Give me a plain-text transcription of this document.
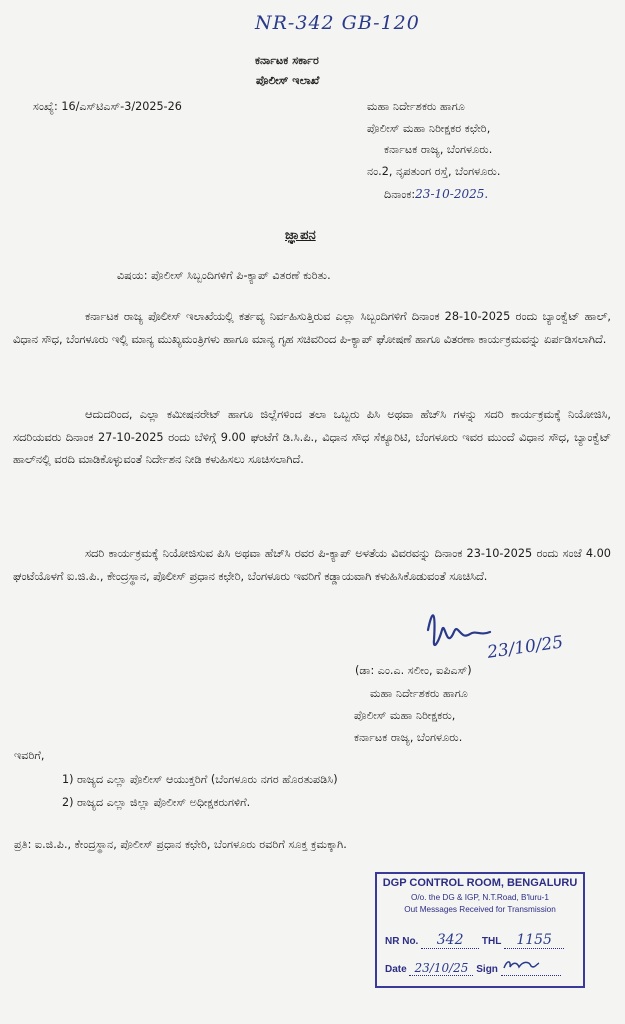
NR-342 GB-120
ಕರ್ನಾಟಕ ಸರ್ಕಾರ
ಪೊಲೀಸ್ ಇಲಾಖೆ
ಸಂಖ್ಯೆ: 16/ಎಸ್‌ಟಿಎಸ್-3/2025-26	ಮಹಾ ನಿರ್ದೇಶಕರು ಹಾಗೂ
ಪೊಲೀಸ್ ಮಹಾ ನಿರೀಕ್ಷಕರ ಕಛೇರಿ,
ಕರ್ನಾಟಕ ರಾಜ್ಯ, ಬೆಂಗಳೂರು.
ನಂ.2, ನೃಪತುಂಗ ರಸ್ತೆ, ಬೆಂಗಳೂರು.
ದಿನಾಂಕ:23-10-2025.
ಜ್ಞಾಪನ
ವಿಷಯ: ಪೊಲೀಸ್ ಸಿಬ್ಬಂದಿಗಳಿಗೆ ಪಿ-ಕ್ಯಾಪ್ ವಿತರಣೆ ಕುರಿತು.
ಕರ್ನಾಟಕ ರಾಜ್ಯ ಪೊಲೀಸ್ ಇಲಾಖೆಯಲ್ಲಿ ಕರ್ತವ್ಯ ನಿರ್ವಹಿಸುತ್ತಿರುವ ಎಲ್ಲಾ ಸಿಬ್ಬಂದಿಗಳಿಗೆ ದಿನಾಂಕ 28-10-2025 ರಂದು ಬ್ಯಾಂಕ್ವೆಟ್ ಹಾಲ್, ವಿಧಾನ ಸೌಧ, ಬೆಂಗಳೂರು ಇಲ್ಲಿ ಮಾನ್ಯ ಮುಖ್ಯಮಂತ್ರಿಗಳು ಹಾಗೂ ಮಾನ್ಯ ಗೃಹ ಸಚಿವರಿಂದ ಪಿ-ಕ್ಯಾಪ್ ಘೋಷಣೆ ಹಾಗೂ ವಿತರಣಾ ಕಾರ್ಯಕ್ರಮವನ್ನು ಏರ್ಪಡಿಸಲಾಗಿದೆ.
ಆದುದರಿಂದ, ಎಲ್ಲಾ ಕಮೀಷನರೇಟ್ ಹಾಗೂ ಜಿಲ್ಲೆಗಳಿಂದ ತಲಾ ಒಬ್ಬರು ಪಿಸಿ ಅಥವಾ ಹೆಚ್‌ಸಿ ಗಳನ್ನು ಸದರಿ ಕಾರ್ಯಕ್ರಮಕ್ಕೆ ನಿಯೋಜಿಸಿ, ಸದರಿಯವರು ದಿನಾಂಕ 27-10-2025 ರಂದು ಬೆಳಿಗ್ಗೆ 9.00 ಘಂಟೆಗೆ ಡಿ.ಸಿ.ಪಿ., ವಿಧಾನ ಸೌಧ ಸೆಕ್ಯೂರಿಟಿ, ಬೆಂಗಳೂರು ಇವರ ಮುಂದೆ ವಿಧಾನ ಸೌಧ, ಬ್ಯಾಂಕ್ವೆಟ್ ಹಾಲ್‌ನಲ್ಲಿ ವರದಿ ಮಾಡಿಕೊಳ್ಳುವಂತೆ ನಿರ್ದೇಶನ ನೀಡಿ ಕಳುಹಿಸಲು ಸೂಚಿಸಲಾಗಿದೆ.
ಸದರಿ ಕಾರ್ಯಕ್ರಮಕ್ಕೆ ನಿಯೋಜಿಸುವ ಪಿಸಿ ಅಥವಾ ಹೆಚ್‌ಸಿ ರವರ ಪಿ-ಕ್ಯಾಪ್ ಅಳತೆಯ ವಿವರವನ್ನು ದಿನಾಂಕ 23-10-2025 ರಂದು ಸಂಜೆ 4.00 ಘಂಟೆಯೊಳಗೆ ಐ.ಜಿ.ಪಿ., ಕೇಂದ್ರಸ್ಥಾನ, ಪೊಲೀಸ್ ಪ್ರಧಾನ ಕಛೇರಿ, ಬೆಂಗಳೂರು ಇವರಿಗೆ ಕಡ್ಡಾಯವಾಗಿ ಕಳುಹಿಸಿಕೊಡುವಂತೆ ಸೂಚಿಸಿದೆ.
23/10/25
(ಡಾ: ಎಂ.ಎ. ಸಲೀಂ, ಐಪಿಎಸ್)
ಮಹಾ ನಿರ್ದೇಶಕರು ಹಾಗೂ
ಪೊಲೀಸ್ ಮಹಾ ನಿರೀಕ್ಷಕರು,
ಕರ್ನಾಟಕ ರಾಜ್ಯ, ಬೆಂಗಳೂರು.
ಇವರಿಗೆ,
1) ರಾಜ್ಯದ ಎಲ್ಲಾ ಪೊಲೀಸ್ ಆಯುಕ್ತರಿಗೆ (ಬೆಂಗಳೂರು ನಗರ ಹೊರತುಪಡಿಸಿ)
2) ರಾಜ್ಯದ ಎಲ್ಲಾ ಜಿಲ್ಲಾ ಪೊಲೀಸ್ ಅಧೀಕ್ಷಕರುಗಳಿಗೆ.
ಪ್ರತಿ: ಐ.ಜಿ.ಪಿ., ಕೇಂದ್ರಸ್ಥಾನ, ಪೊಲೀಸ್ ಪ್ರಧಾನ ಕಛೇರಿ, ಬೆಂಗಳೂರು ರವರಿಗೆ ಸೂಕ್ತ ಕ್ರಮಕ್ಕಾಗಿ.
DGP CONTROL ROOM, BENGALURU
O/o. the DG & IGP, N.T.Road, B'luru-1
Out Messages Received for Transmission
NR No. 342 THL 1155
Date 23/10/25 Sign
